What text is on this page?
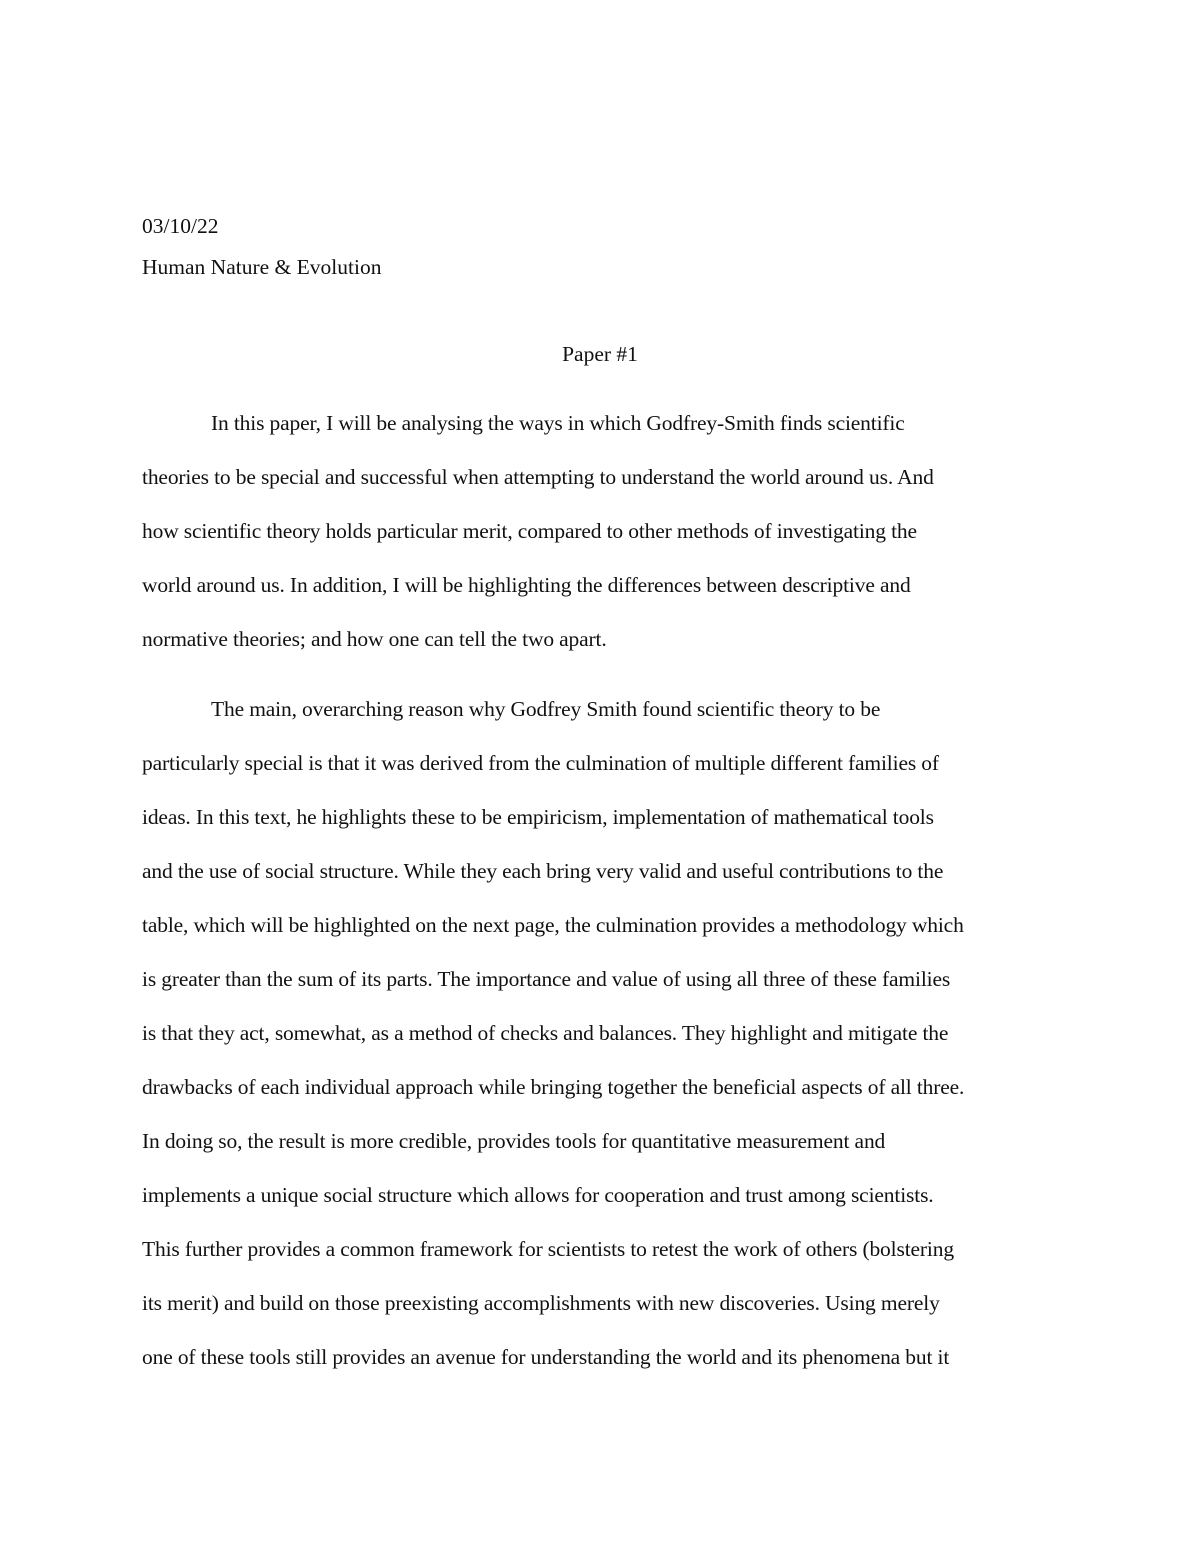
03/10/22
Human Nature & Evolution
Paper #1
In this paper, I will be analysing the ways in which Godfrey-Smith finds scientific
theories to be special and successful when attempting to understand the world around us. And
how scientific theory holds particular merit, compared to other methods of investigating the
world around us. In addition, I will be highlighting the differences between descriptive and
normative theories; and how one can tell the two apart.
The main, overarching reason why Godfrey Smith found scientific theory to be
particularly special is that it was derived from the culmination of multiple different families of
ideas. In this text, he highlights these to be empiricism, implementation of mathematical tools
and the use of social structure. While they each bring very valid and useful contributions to the
table, which will be highlighted on the next page, the culmination provides a methodology which
is greater than the sum of its parts. The importance and value of using all three of these families
is that they act, somewhat, as a method of checks and balances. They highlight and mitigate the
drawbacks of each individual approach while bringing together the beneficial aspects of all three.
In doing so, the result is more credible, provides tools for quantitative measurement and
implements a unique social structure which allows for cooperation and trust among scientists.
This further provides a common framework for scientists to retest the work of others (bolstering
its merit) and build on those preexisting accomplishments with new discoveries. Using merely
one of these tools still provides an avenue for understanding the world and its phenomena but it
